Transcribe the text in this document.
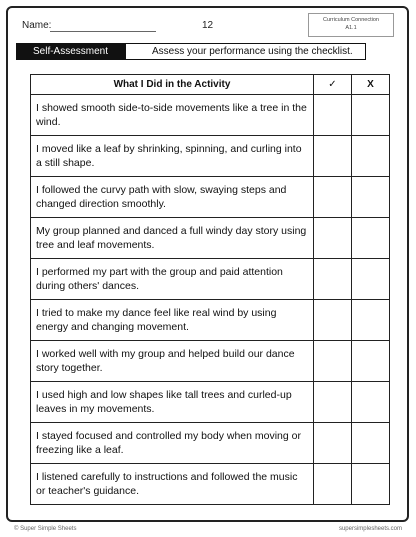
Name:	12	Curriculum Connection
A1.1
Self-Assessment	Assess your performance using the checklist.
What I Did in the Activity	✓	X
I showed smooth side-to-side movements like a tree in the wind.		
I moved like a leaf by shrinking, spinning, and curling into a still shape.		
I followed the curvy path with slow, swaying steps and changed direction smoothly.		
My group planned and danced a full windy day story using tree and leaf movements.		
I performed my part with the group and paid attention during others' dances.		
I tried to make my dance feel like real wind by using energy and changing movement.		
I worked well with my group and helped build our dance story together.		
I used high and low shapes like tall trees and curled-up leaves in my movements.		
I stayed focused and controlled my body when moving or freezing like a leaf.		
I listened carefully to instructions and followed the music or teacher's guidance.		
© Super Simple Sheets	supersimplesheets.com
